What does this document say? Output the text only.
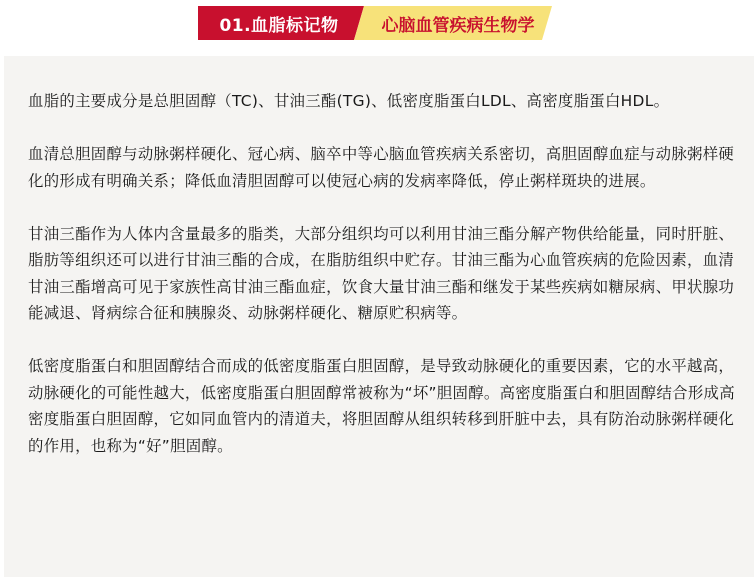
01.血脂标记物	心脑血管疾病生物学

血脂的主要成分是总胆固醇（TC)、甘油三酯(TG)、低密度脂蛋白LDL、高密度脂蛋白HDL。

血清总胆固醇与动脉粥样硬化、冠心病、脑卒中等心脑血管疾病关系密切，高胆固醇血症与动脉粥样硬化的形成有明确关系；降低血清胆固醇可以使冠心病的发病率降低，停止粥样斑块的进展。

甘油三酯作为人体内含量最多的脂类，大部分组织均可以利用甘油三酯分解产物供给能量，同时肝脏、脂肪等组织还可以进行甘油三酯的合成，在脂肪组织中贮存。甘油三酯为心血管疾病的危险因素，血清甘油三酯增高可见于家族性高甘油三酯血症，饮食大量甘油三酯和继发于某些疾病如糖尿病、甲状腺功能减退、肾病综合征和胰腺炎、动脉粥样硬化、糖原贮积病等。

低密度脂蛋白和胆固醇结合而成的低密度脂蛋白胆固醇，是导致动脉硬化的重要因素，它的水平越高，动脉硬化的可能性越大，低密度脂蛋白胆固醇常被称为“坏”胆固醇。高密度脂蛋白和胆固醇结合形成高密度脂蛋白胆固醇，它如同血管内的清道夫，将胆固醇从组织转移到肝脏中去，具有防治动脉粥样硬化的作用，也称为“好”胆固醇。
